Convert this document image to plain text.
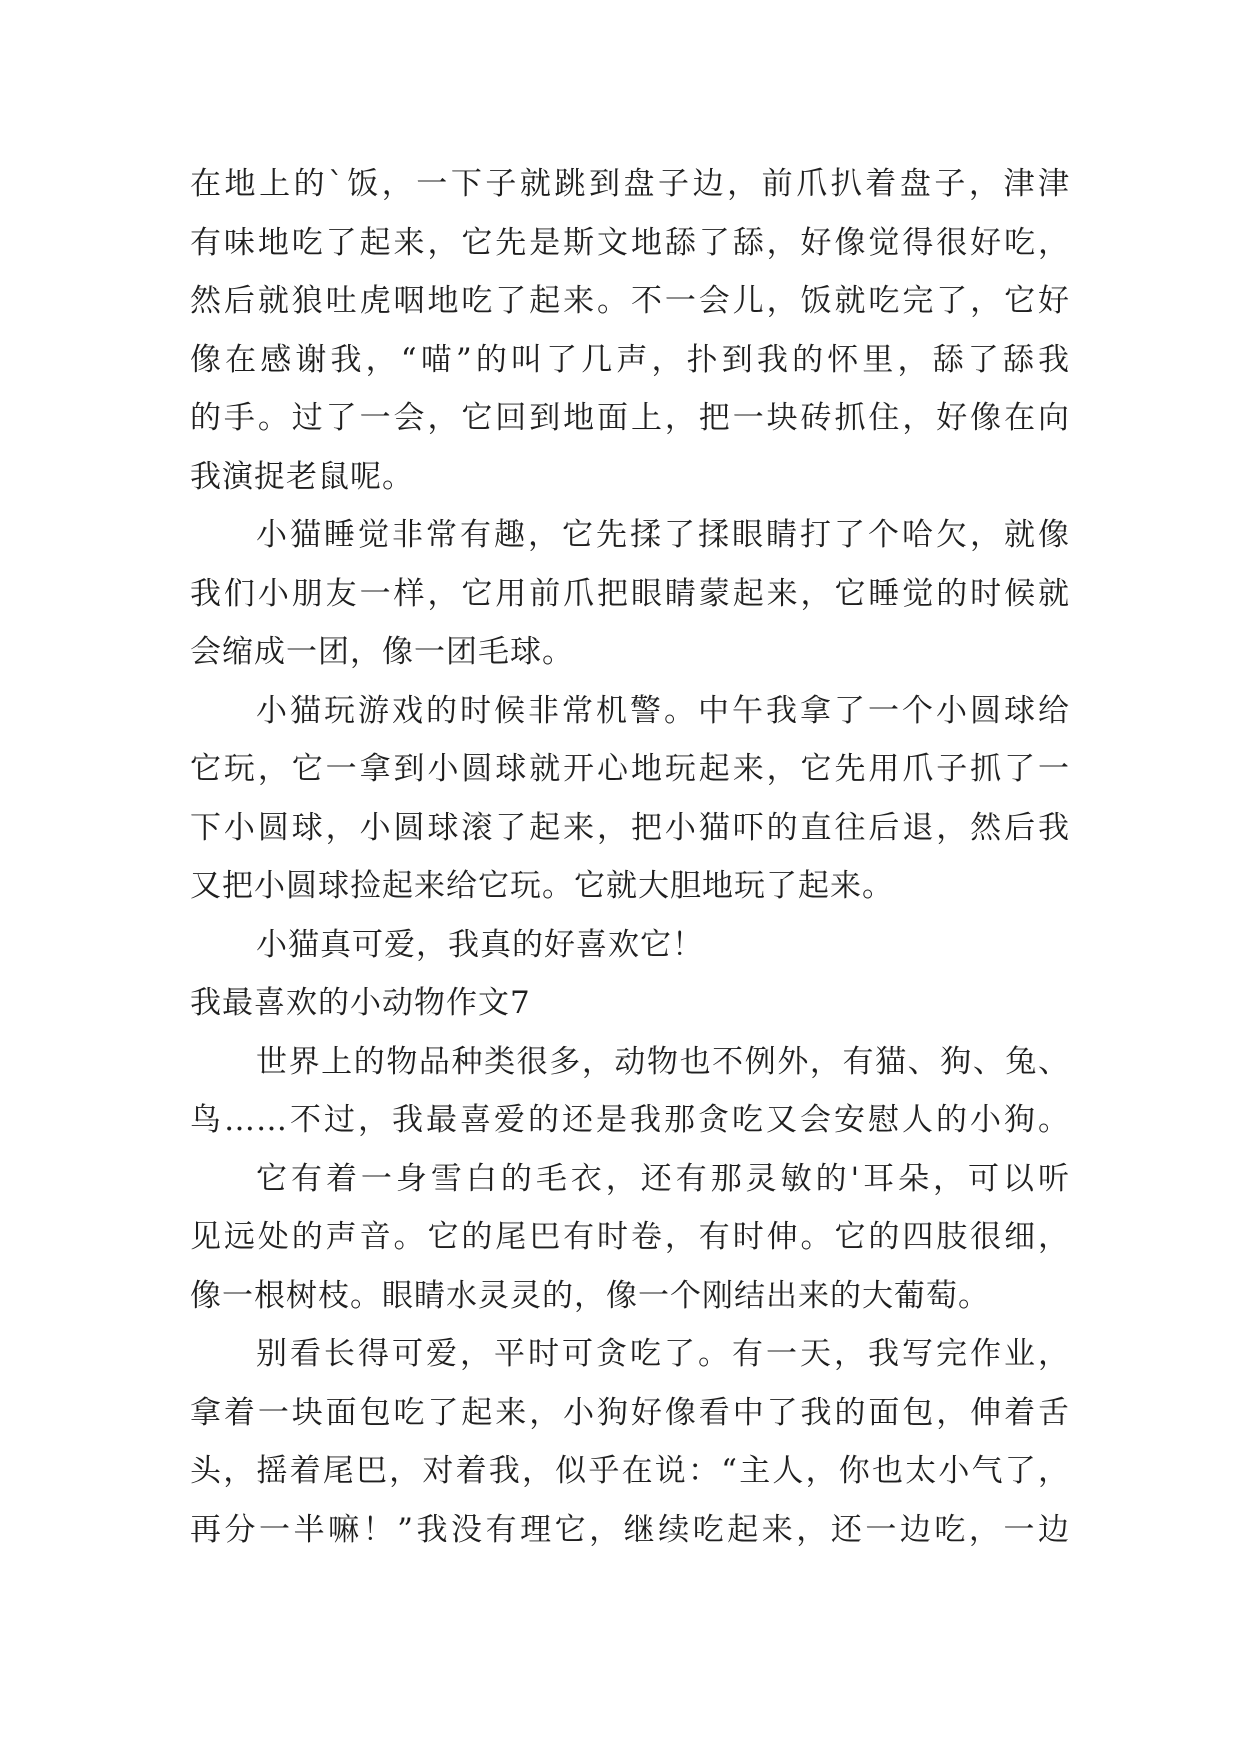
在地上的`饭，一下子就跳到盘子边，前爪扒着盘子，津津
有味地吃了起来，它先是斯文地舔了舔，好像觉得很好吃，
然后就狼吐虎咽地吃了起来。不一会儿，饭就吃完了，它好
像在感谢我，“喵”的叫了几声，扑到我的怀里，舔了舔我
的手。过了一会，它回到地面上，把一块砖抓住，好像在向
我演捉老鼠呢。
小猫睡觉非常有趣，它先揉了揉眼睛打了个哈欠，就像
我们小朋友一样，它用前爪把眼睛蒙起来，它睡觉的时候就
会缩成一团，像一团毛球。
小猫玩游戏的时候非常机警。中午我拿了一个小圆球给
它玩，它一拿到小圆球就开心地玩起来，它先用爪子抓了一
下小圆球，小圆球滚了起来，把小猫吓的直往后退，然后我
又把小圆球捡起来给它玩。它就大胆地玩了起来。
小猫真可爱，我真的好喜欢它！
我最喜欢的小动物作文7
世界上的物品种类很多，动物也不例外，有猫、狗、兔、
鸟……不过，我最喜爱的还是我那贪吃又会安慰人的小狗。
它有着一身雪白的毛衣，还有那灵敏的'耳朵，可以听
见远处的声音。它的尾巴有时卷，有时伸。它的四肢很细，
像一根树枝。眼睛水灵灵的，像一个刚结出来的大葡萄。
别看长得可爱，平时可贪吃了。有一天，我写完作业，
拿着一块面包吃了起来，小狗好像看中了我的面包，伸着舌
头，摇着尾巴，对着我，似乎在说：“主人，你也太小气了，
再分一半嘛！”我没有理它，继续吃起来，还一边吃，一边
